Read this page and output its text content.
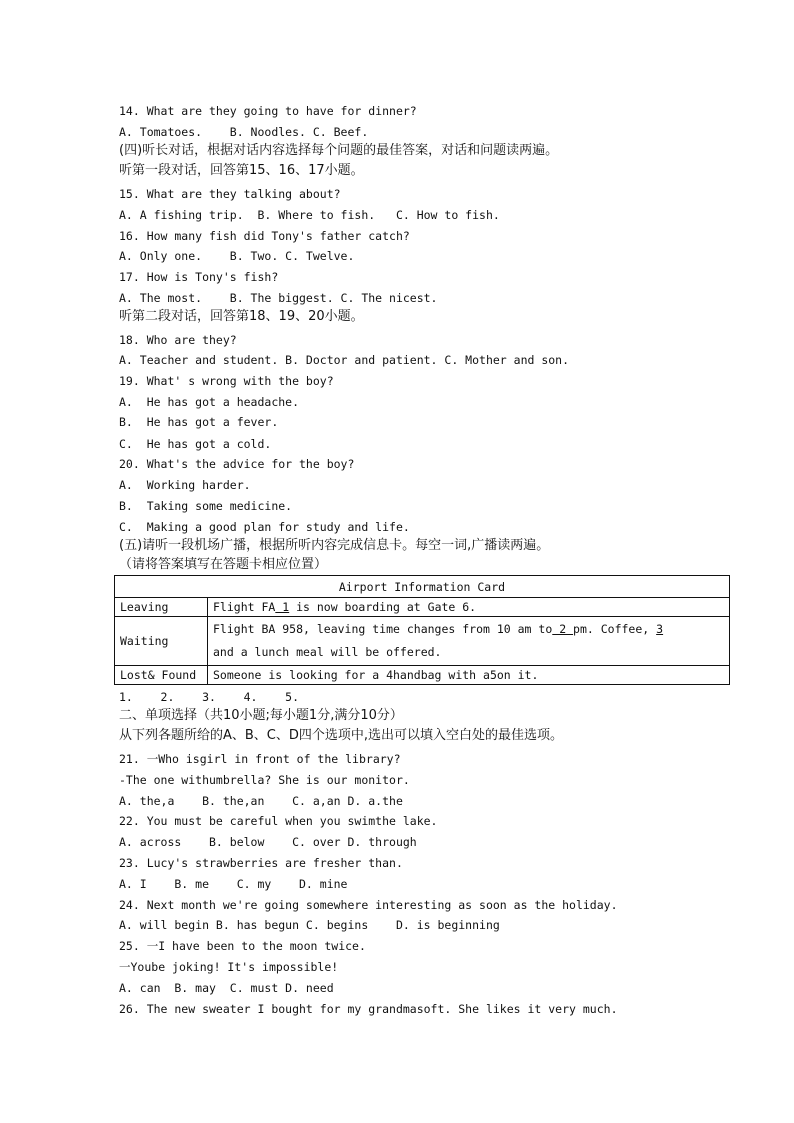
14. What are they going to have for dinner?
A. Tomatoes.    B. Noodles. C. Beef.
(四)听长对话，根据对话内容选择每个问题的最佳答案，对话和问题读两遍。
听第一段对话，回答第15、16、17小题。
15. What are they talking about?
A. A fishing trip.  B. Where to fish.   C. How to fish.
16. How many fish did Tony's father catch?
A. Only one.    B. Two. C. Twelve.
17. How is Tony's fish?
A. The most.    B. The biggest. C. The nicest.
听第二段对话，回答第18、19、20小题。
18. Who are they?
A. Teacher and student. B. Doctor and patient. C. Mother and son.
19. What' s wrong with the boy?
A.  He has got a headache.
B.  He has got a fever.
C.  He has got a cold.
20. What's the advice for the boy?
A.  Working harder.
B.  Taking some medicine.
C.  Making a good plan for study and life.
(五)请听一段机场广播，根据所听内容完成信息卡。每空一词,广播读两遍。
（请将答案填写在答题卡相应位置）
Airport Information Card	
Leaving	Flight FA 1 is now boarding at Gate 6.
Waiting	Flight BA 958, leaving time changes from 10 am to 2 pm. Coffee, 3
and a lunch meal will be offered.
Lost& Found	Someone is looking for a 4handbag with a5on it.
1.    2.    3.    4.    5.
二、单项选择（共10小题;每小题1分,满分10分）
从下列各题所给的A、B、C、D四个选项中,选出可以填入空白处的最佳选项。
21. 一Who isgirl in front of the library?
-The one withumbrella? She is our monitor.
A. the,a    B. the,an    C. a,an D. a.the
22. You must be careful when you swimthe lake.
A. across    B. below    C. over D. through
23. Lucy's strawberries are fresher than.
A. I    B. me    C. my    D. mine
24. Next month we're going somewhere interesting as soon as the holiday.
A. will begin B. has begun C. begins    D. is beginning
25. 一I have been to the moon twice.
一Yoube joking! It's impossible!
A. can  B. may  C. must D. need
26. The new sweater I bought for my grandmasoft. She likes it very much.
